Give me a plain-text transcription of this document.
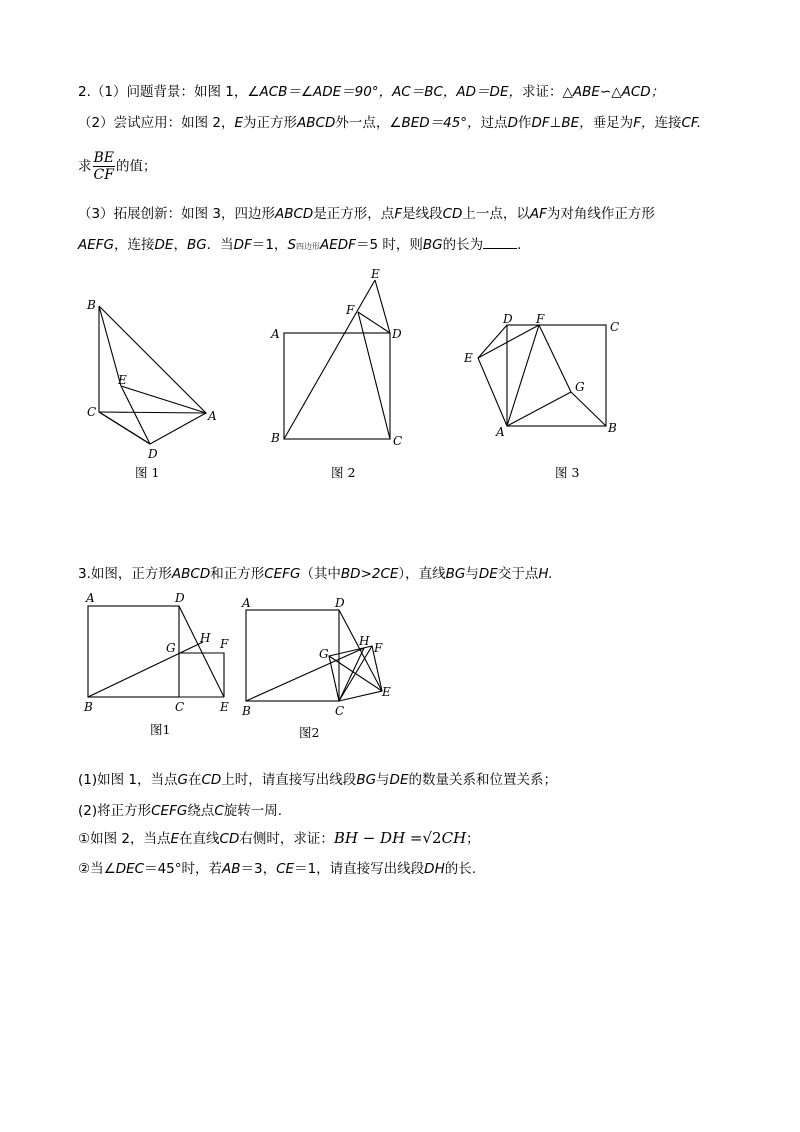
2.（1）问题背景：如图 1，∠ACB＝∠ADE＝90°，AC＝BC，AD＝DE，求证：△ABE∽△ACD；
（2）尝试应用：如图 2，E为正方形ABCD外一点，∠BED＝45°，过点D作DF⊥BE，垂足为F，连接CF.
求 $\frac{BE}{CF}$ 的值；
（3）拓展创新：如图 3，四边形ABCD是正方形，点F是线段CD上一点，以AF为对角线作正方形
AEFG，连接DE，BG．当DF＝1，S四边形AEDF＝5 时，则BG的长为	.
B
E
C	A
D
图 1
E
F
A	D
B	C
图 2
D F
C
E
G
A	B
图 3
3.如图，正方形ABCD和正方形CEFG（其中BD>2CE），直线BG与DE交于点H.
A	D
G
H F
B	C	E
图1
A	D
H
G	F
E
B	C
图2
(1)如图 1，当点G在CD上时，请直接写出线段BG与DE的数量关系和位置关系；
(2)将正方形CEFG绕点C旋转一周.
①如图 2，当点E在直线CD右侧时，求证：BH − DH =√2CH；
②当∠DEC＝45°时，若AB＝3，CE＝1，请直接写出线段DH的长.
